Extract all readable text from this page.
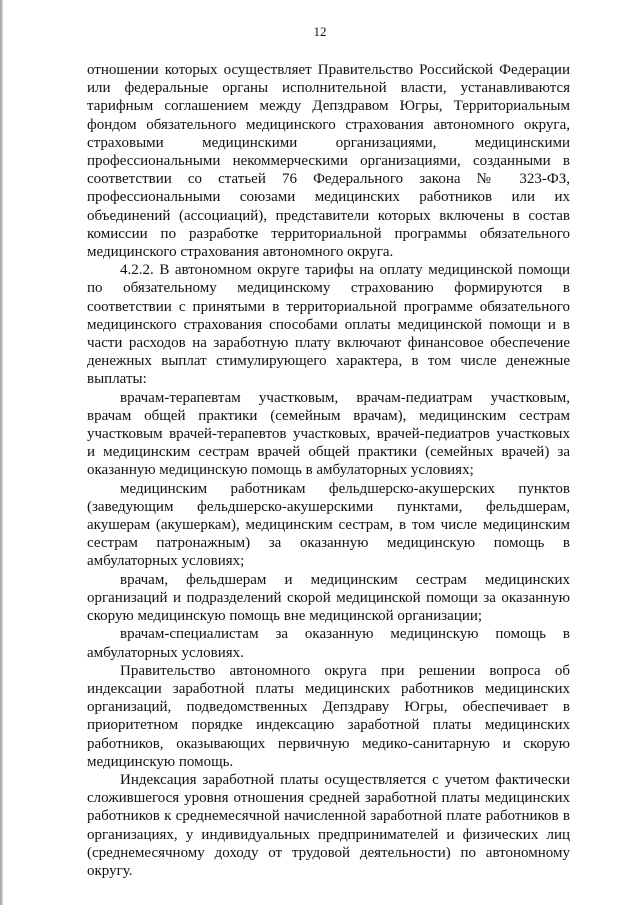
12

отношении которых осуществляет Правительство Российской Федерации или федеральные органы исполнительной власти, устанавливаются тарифным соглашением между Депздравом Югры, Территориальным фондом обязательного медицинского страхования автономного округа, страховыми медицинскими организациями, медицинскими профессиональными некоммерческими организациями, созданными в соответствии со статьей 76 Федерального закона № 323-ФЗ, профессиональными союзами медицинских работников или их объединений (ассоциаций), представители которых включены в состав комиссии по разработке территориальной программы обязательного медицинского страхования автономного округа.

4.2.2. В автономном округе тарифы на оплату медицинской помощи по обязательному медицинскому страхованию формируются в соответствии с принятыми в территориальной программе обязательного медицинского страхования способами оплаты медицинской помощи и в части расходов на заработную плату включают финансовое обеспечение денежных выплат стимулирующего характера, в том числе денежные выплаты:

врачам-терапевтам участковым, врачам-педиатрам участковым, врачам общей практики (семейным врачам), медицинским сестрам участковым врачей-терапевтов участковых, врачей-педиатров участковых и медицинским сестрам врачей общей практики (семейных врачей) за оказанную медицинскую помощь в амбулаторных условиях;

медицинским работникам фельдшерско-акушерских пунктов (заведующим фельдшерско-акушерскими пунктами, фельдшерам, акушерам (акушеркам), медицинским сестрам, в том числе медицинским сестрам патронажным) за оказанную медицинскую помощь в амбулаторных условиях;

врачам, фельдшерам и медицинским сестрам медицинских организаций и подразделений скорой медицинской помощи за оказанную скорую медицинскую помощь вне медицинской организации;

врачам-специалистам за оказанную медицинскую помощь в амбулаторных условиях.

Правительство автономного округа при решении вопроса об индексации заработной платы медицинских работников медицинских организаций, подведомственных Депздраву Югры, обеспечивает в приоритетном порядке индексацию заработной платы медицинских работников, оказывающих первичную медико-санитарную и скорую медицинскую помощь.

Индексация заработной платы осуществляется с учетом фактически сложившегося уровня отношения средней заработной платы медицинских работников к среднемесячной начисленной заработной плате работников в организациях, у индивидуальных предпринимателей и физических лиц (среднемесячному доходу от трудовой деятельности) по автономному округу.
